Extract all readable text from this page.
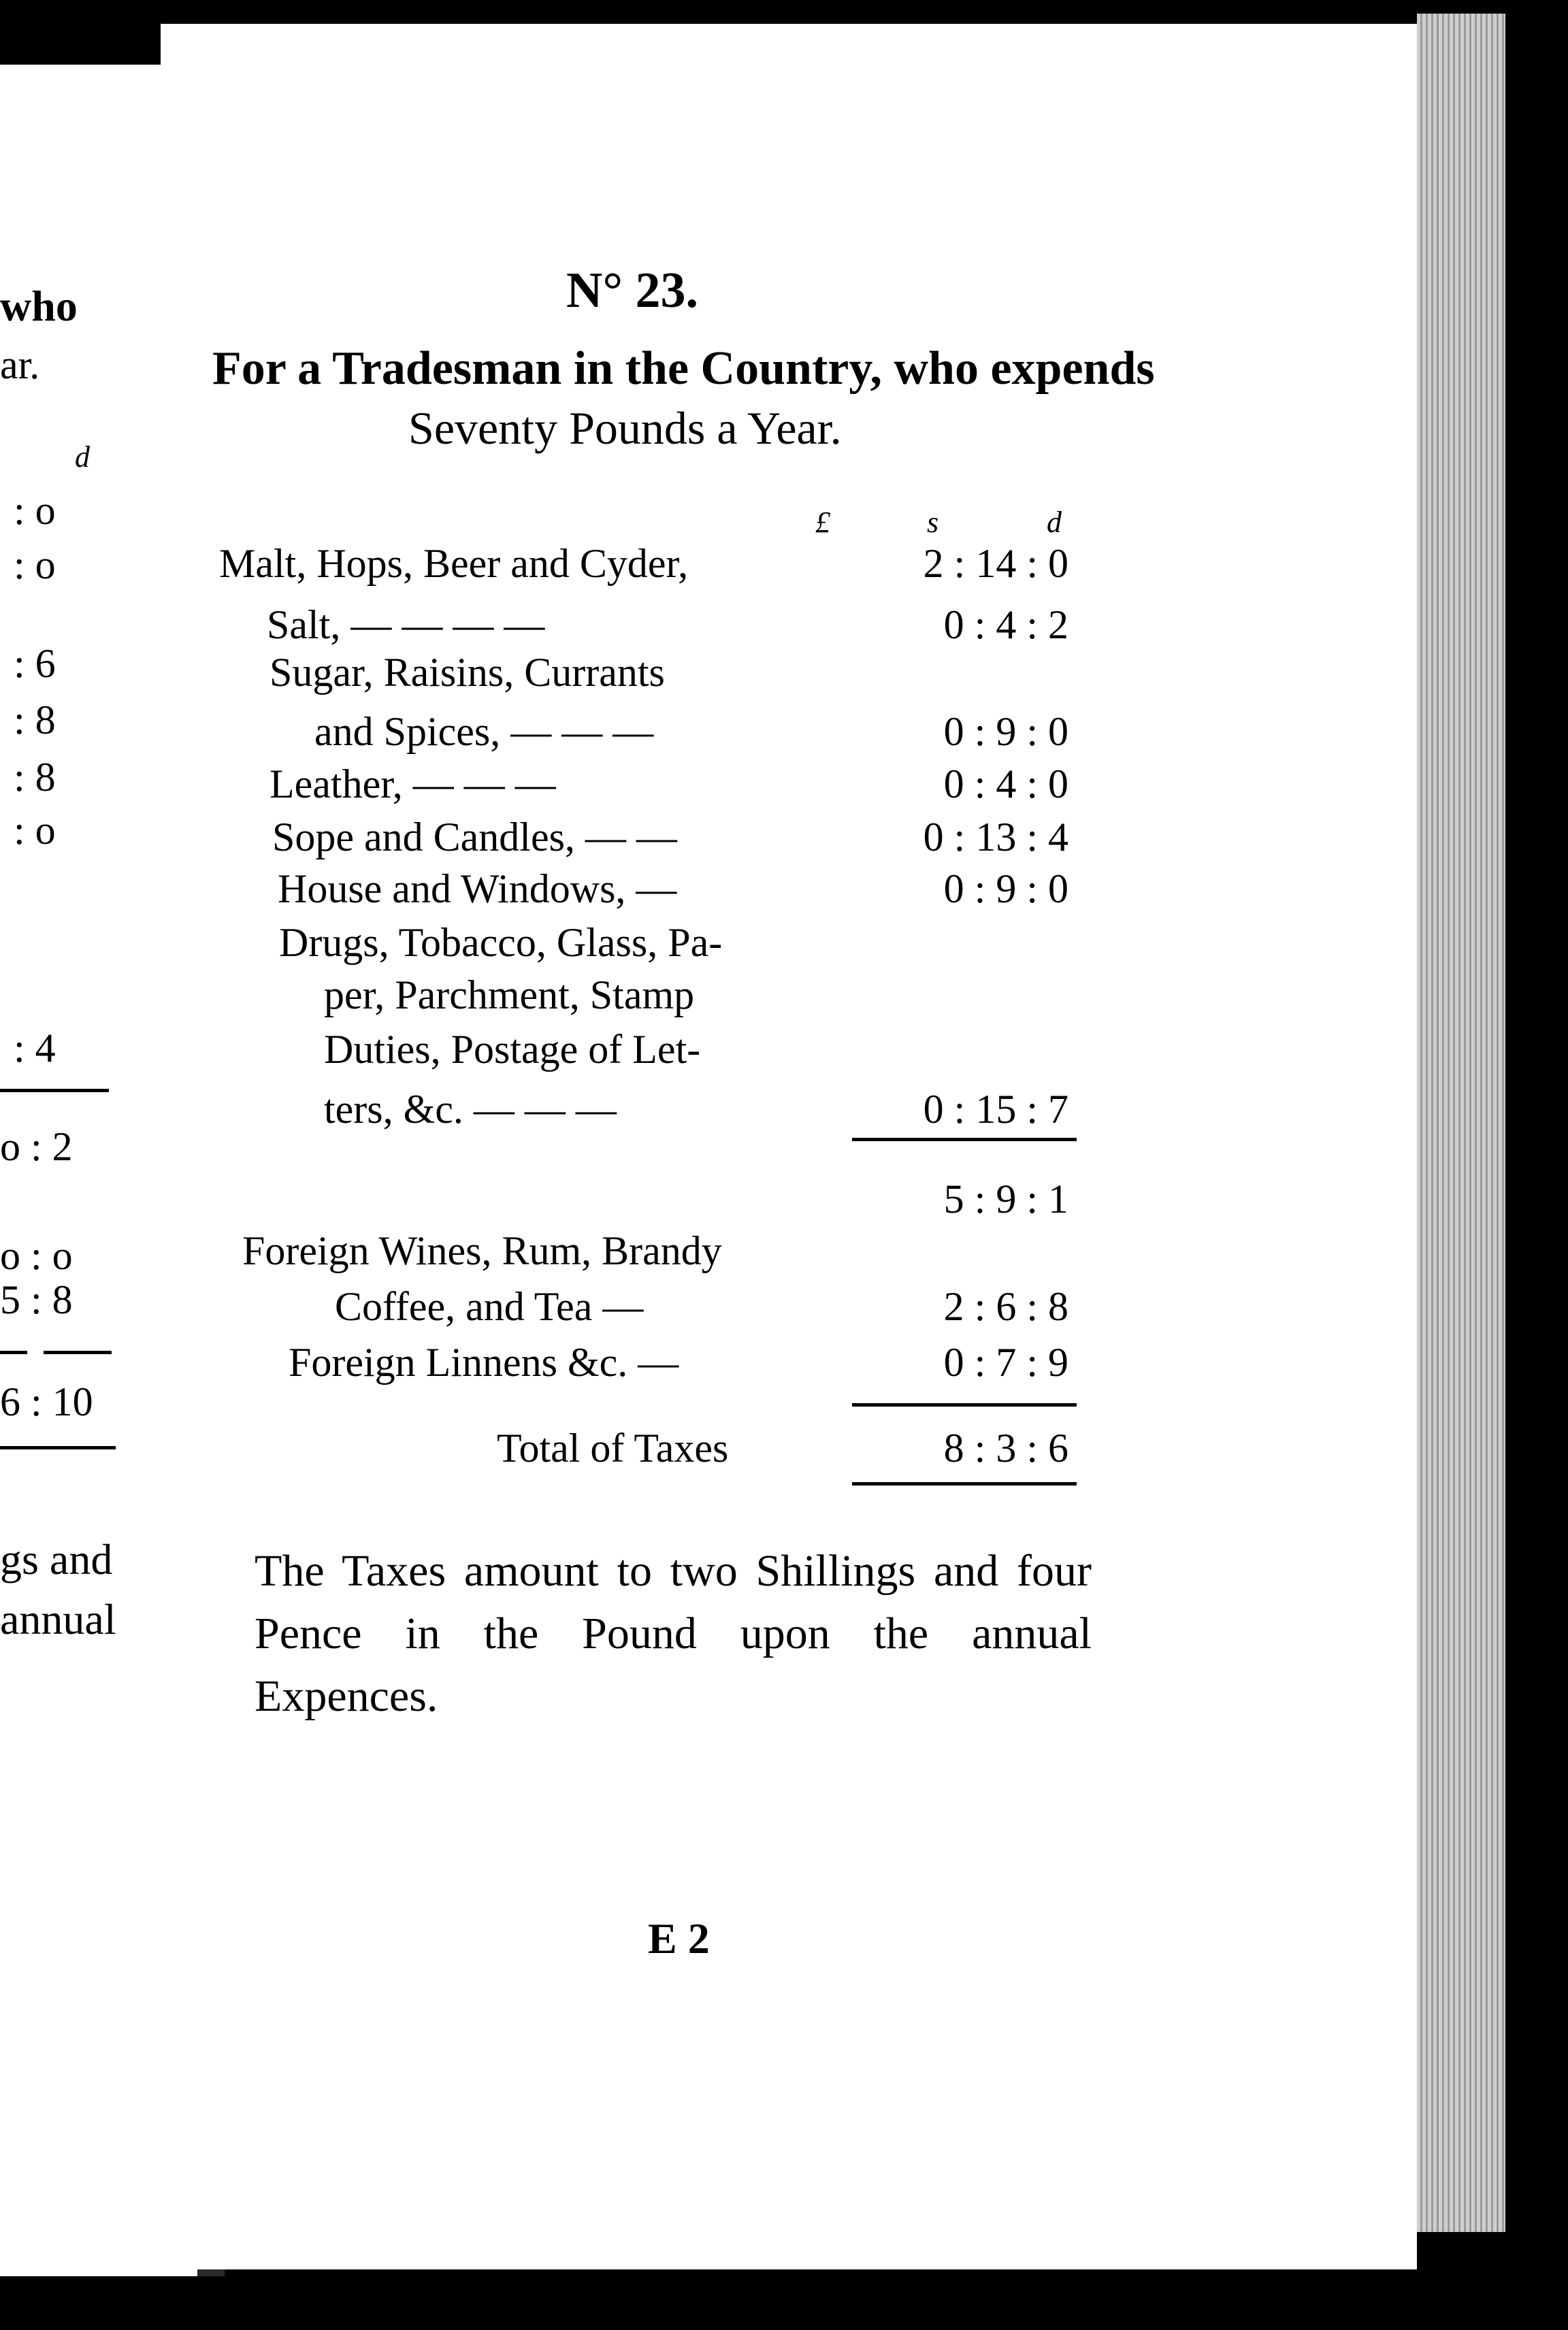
who
ar.
d
: o
: o
: 6
: 8
: 8
: o
: 4
o : 2
o : o
5 : 8
6 : 10
gs and
annual
N° 23.
For a Tradesman in the Country, who expends
Seventy Pounds a Year.
£	s	d
Malt, Hops, Beer and Cyder,	2 : 14 : 0
Salt, — — — —	0 : 4 : 2
Sugar, Raisins, Currants
and Spices, — — —	0 : 9 : 0
Leather, — — —	0 : 4 : 0
Sope and Candles, — —	0 : 13 : 4
House and Windows, —	0 : 9 : 0
Drugs, Tobacco, Glass, Pa-
per, Parchment, Stamp
Duties, Postage of Let-
ters, &c. — — —	0 : 15 : 7
5 : 9 : 1
Foreign Wines, Rum, Brandy
Coffee, and Tea —	2 : 6 : 8
Foreign Linnens &c. —	0 : 7 : 9
Total of Taxes	8 : 3 : 6
The Taxes amount to two Shillings and four Pence in the Pound upon the annual Expences.
E 2
